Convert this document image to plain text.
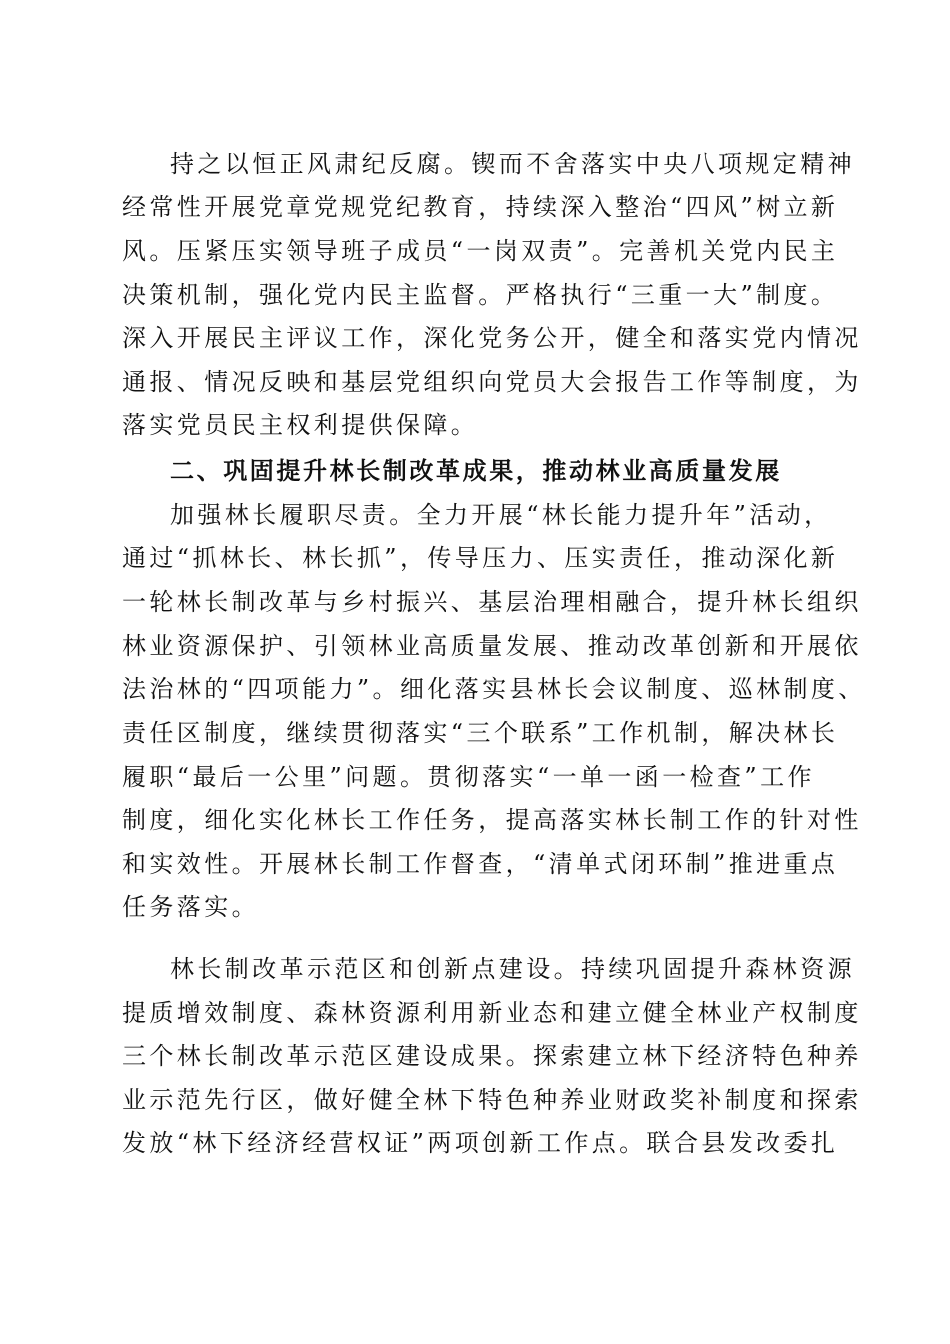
持之以恒正风肃纪反腐。锲而不舍落实中央八项规定精神
经常性开展党章党规党纪教育，持续深入整治“四风”树立新
风。压紧压实领导班子成员“一岗双责”。完善机关党内民主
决策机制，强化党内民主监督。严格执行“三重一大”制度。
深入开展民主评议工作，深化党务公开，健全和落实党内情况
通报、情况反映和基层党组织向党员大会报告工作等制度，为
落实党员民主权利提供保障。
二、巩固提升林长制改革成果，推动林业高质量发展
加强林长履职尽责。全力开展“林长能力提升年”活动，
通过“抓林长、林长抓”，传导压力、压实责任，推动深化新
一轮林长制改革与乡村振兴、基层治理相融合，提升林长组织
林业资源保护、引领林业高质量发展、推动改革创新和开展依
法治林的“四项能力”。细化落实县林长会议制度、巡林制度、
责任区制度，继续贯彻落实“三个联系”工作机制，解决林长
履职“最后一公里”问题。贯彻落实“一单一函一检查”工作
制度，细化实化林长工作任务，提高落实林长制工作的针对性
和实效性。开展林长制工作督查，“清单式闭环制”推进重点
任务落实。
林长制改革示范区和创新点建设。持续巩固提升森林资源
提质增效制度、森林资源利用新业态和建立健全林业产权制度
三个林长制改革示范区建设成果。探索建立林下经济特色种养
业示范先行区，做好健全林下特色种养业财政奖补制度和探索
发放“林下经济经营权证”两项创新工作点。联合县发改委扎
